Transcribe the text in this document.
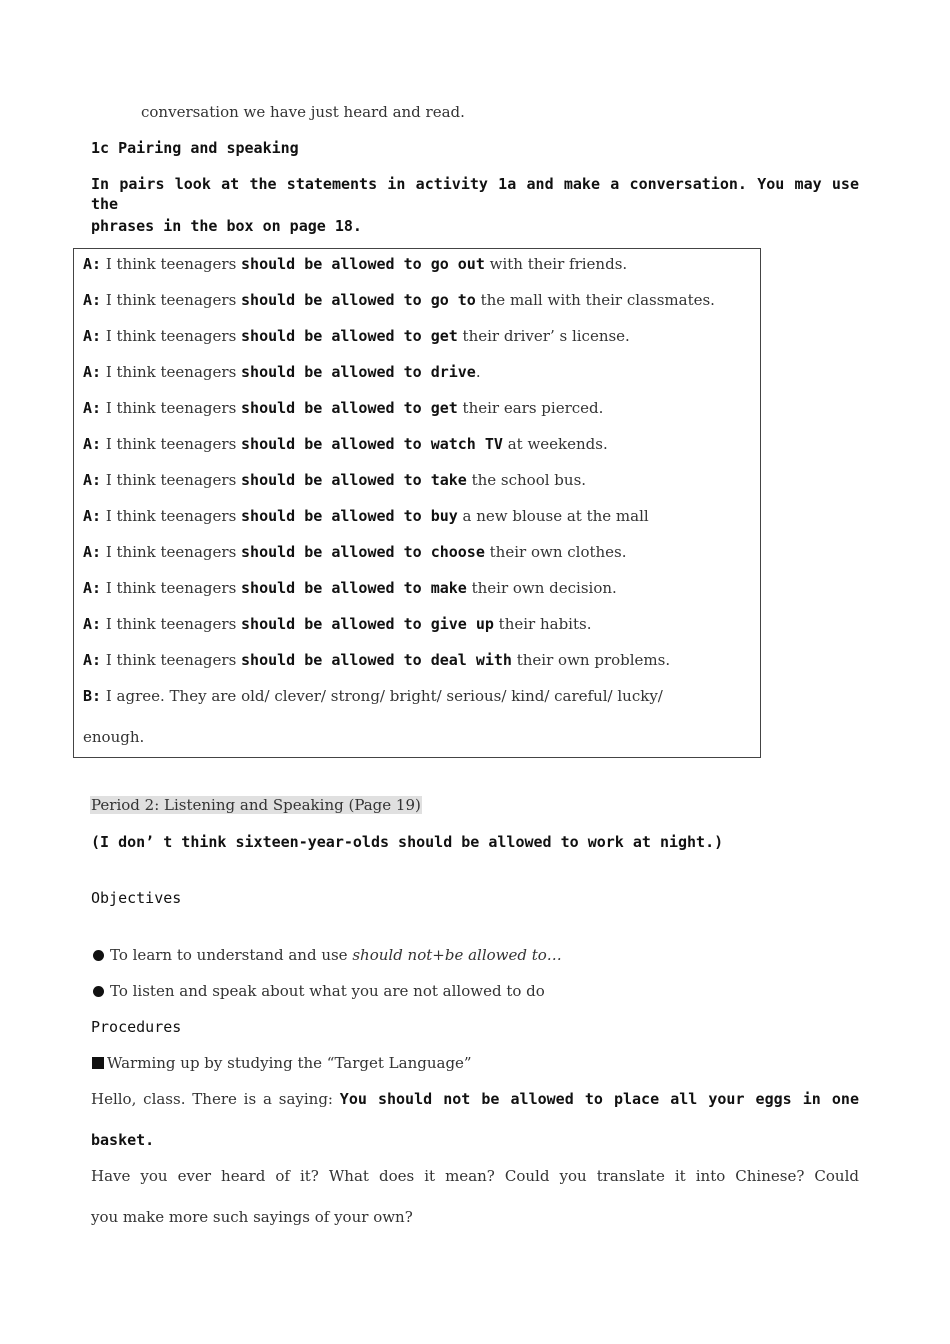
conversation we have just heard and read.
1c Pairing and speaking
In pairs look at the statements in activity 1a and make a conversation. You may use the
phrases in the box on page 18.
A: I think teenagers should be allowed to go out with their friends.
A: I think teenagers should be allowed to go to the mall with their classmates.
A: I think teenagers should be allowed to get their driver’ s license.
A: I think teenagers should be allowed to drive.
A: I think teenagers should be allowed to get their ears pierced.
A: I think teenagers should be allowed to watch TV at weekends.
A: I think teenagers should be allowed to take the school bus.
A: I think teenagers should be allowed to buy a new blouse at the mall
A: I think teenagers should be allowed to choose their own clothes.
A: I think teenagers should be allowed to make their own decision.
A: I think teenagers should be allowed to give up their habits.
A: I think teenagers should be allowed to deal with their own problems.
B: I agree. They are old/ clever/ strong/ bright/ serious/ kind/ careful/ lucky/
enough.
Period 2: Listening and Speaking (Page 19)
(I don’ t think sixteen-year-olds should be allowed to work at night.)
Objectives
To learn to understand and use should not+be allowed to…
To listen and speak about what you are not allowed to do
Procedures
Warming up by studying the “Target Language”
Hello, class. There is a saying: You should not be allowed to place all your eggs in one
basket.
Have you ever heard of it? What does it mean? Could you translate it into Chinese? Could
you make more such sayings of your own?
